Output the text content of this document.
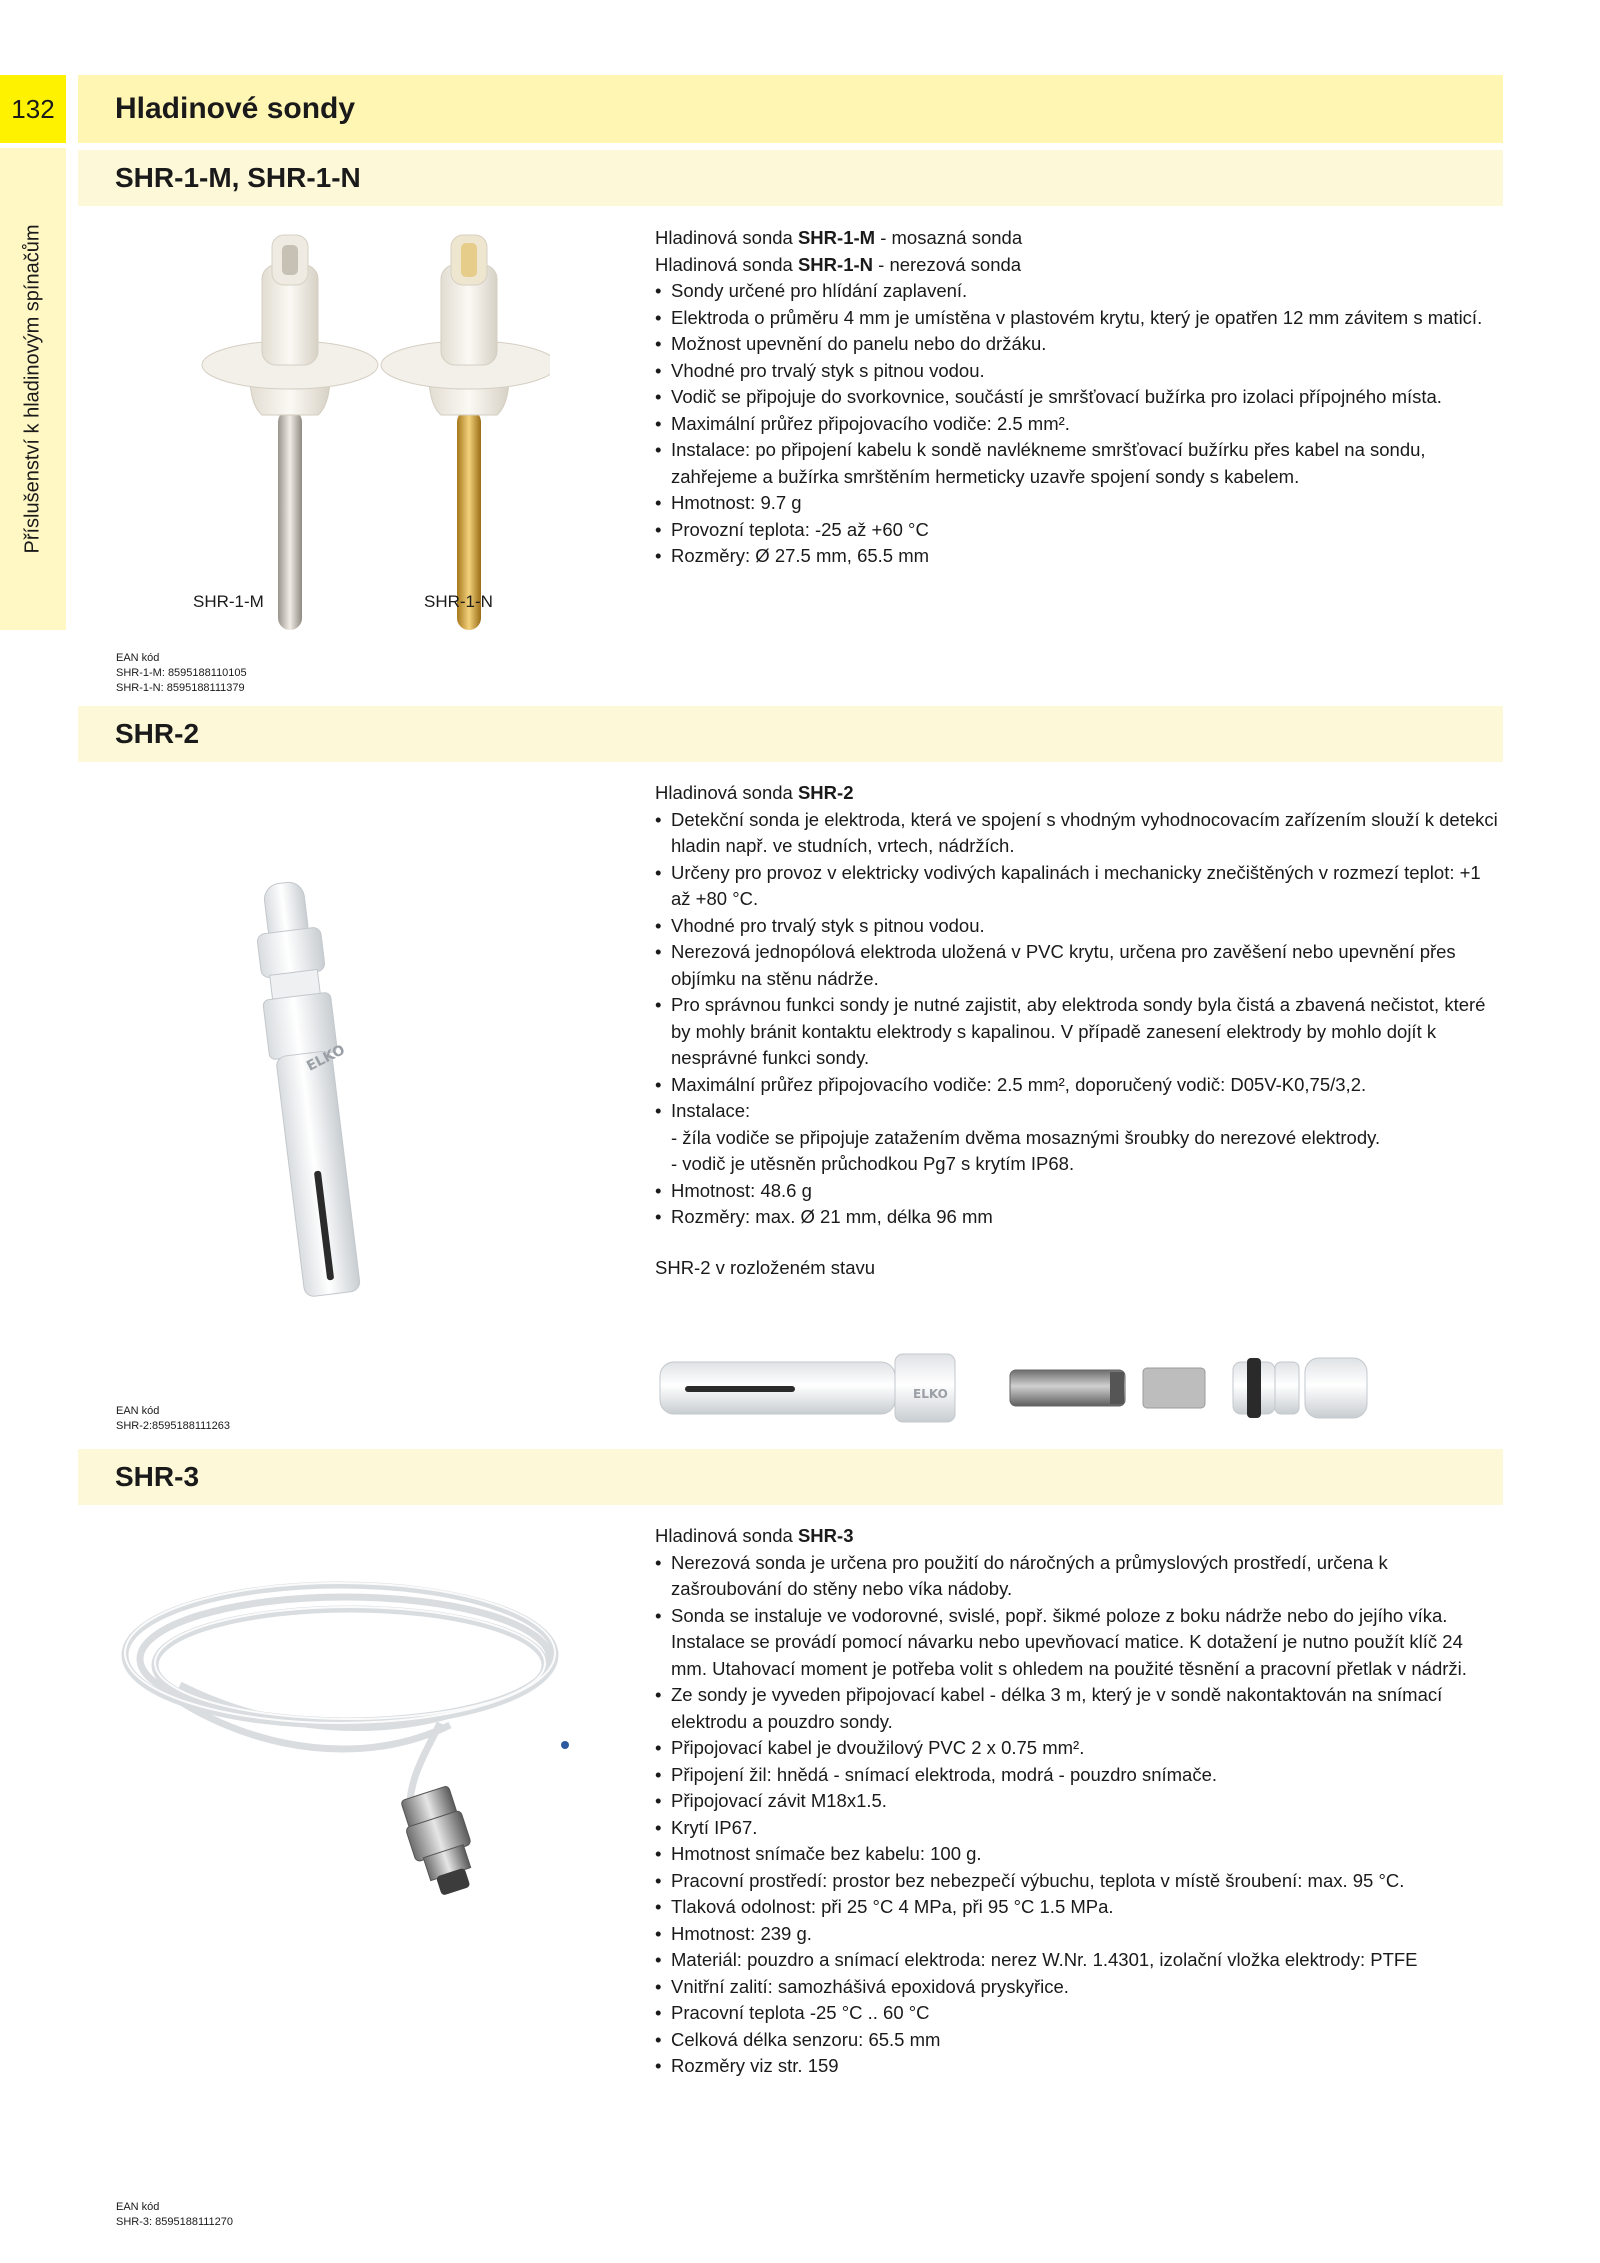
132
Příslušenství k hladinovým spínačům
Hladinové sondy
SHR-1-M, SHR-1-N
SHR-1-M	SHR-1-N
Hladinová sonda SHR-1-M - mosazná sonda
Hladinová sonda SHR-1-N - nerezová sonda
• Sondy určené pro hlídání zaplavení.
• Elektroda o průměru 4 mm je umístěna v plastovém krytu, který je opatřen 12 mm závitem s maticí.
• Možnost upevnění do panelu nebo do držáku.
• Vhodné pro trvalý styk s pitnou vodou.
• Vodič se připojuje do svorkovnice, součástí je smršťovací bužírka pro izolaci přípojného místa.
• Maximální průřez připojovacího vodiče: 2.5 mm².
• Instalace: po připojení kabelu k sondě navlékneme smršťovací bužírku přes kabel na sondu, zahřejeme a bužírka smrštěním hermeticky uzavře spojení sondy s kabelem.
• Hmotnost: 9.7 g
• Provozní teplota: -25 až +60 °C
• Rozměry: Ø 27.5 mm, 65.5 mm
EAN kód
SHR-1-M: 8595188110105
SHR-1-N: 8595188111379
SHR-2
ELKO
Hladinová sonda SHR-2
• Detekční sonda je elektroda, která ve spojení s vhodným vyhodnocovacím zařízením slouží k detekci hladin např. ve studních, vrtech, nádržích.
• Určeny pro provoz v elektricky vodivých kapalinách i mechanicky znečištěných v rozmezí teplot: +1 až +80 °C.
• Vhodné pro trvalý styk s pitnou vodou.
• Nerezová jednopólová elektroda uložená v PVC krytu, určena pro zavěšení nebo upevnění přes objímku na stěnu nádrže.
• Pro správnou funkci sondy je nutné zajistit, aby elektroda sondy byla čistá a zbavená nečistot, které by mohly bránit kontaktu elektrody s kapalinou. V případě zanesení elektrody by mohlo dojít k nesprávné funkci sondy.
• Maximální průřez připojovacího vodiče: 2.5 mm², doporučený vodič: D05V-K0,75/3,2.
• Instalace:
- žíla vodiče se připojuje zatažením dvěma mosaznými šroubky do nerezové elektrody.
- vodič je utěsněn průchodkou Pg7 s krytím IP68.
• Hmotnost: 48.6 g
• Rozměry: max. Ø 21 mm, délka 96 mm
SHR-2 v rozloženém stavu
ELKO
EAN kód
SHR-2:8595188111263
SHR-3
Hladinová sonda SHR-3
• Nerezová sonda je určena pro použití do náročných a průmyslových prostředí, určena k zašroubování do stěny nebo víka nádoby.
• Sonda se instaluje ve vodorovné, svislé, popř. šikmé poloze z boku nádrže nebo do jejího víka. Instalace se provádí pomocí návarku nebo upevňovací matice. K dotažení je nutno použít klíč 24 mm. Utahovací moment je potřeba volit s ohledem na použité těsnění a pracovní přetlak v nádrži.
• Ze sondy je vyveden připojovací kabel - délka 3 m, který je v sondě nakontaktován na snímací elektrodu a pouzdro sondy.
• Připojovací kabel je dvoužilový PVC 2 x 0.75 mm².
• Připojení žil: hnědá - snímací elektroda, modrá - pouzdro snímače.
• Připojovací závit M18x1.5.
• Krytí IP67.
• Hmotnost snímače bez kabelu: 100 g.
• Pracovní prostředí: prostor bez nebezpečí výbuchu, teplota v místě šroubení: max. 95 °C.
• Tlaková odolnost: při 25 °C 4 MPa, při 95 °C 1.5 MPa.
• Hmotnost: 239 g.
• Materiál: pouzdro a snímací elektroda: nerez W.Nr. 1.4301, izolační vložka elektrody: PTFE
• Vnitřní zalití: samozhášivá epoxidová pryskyřice.
• Pracovní teplota -25 °C .. 60 °C
• Celková délka senzoru: 65.5 mm
• Rozměry viz str. 159
EAN kód
SHR-3: 8595188111270
